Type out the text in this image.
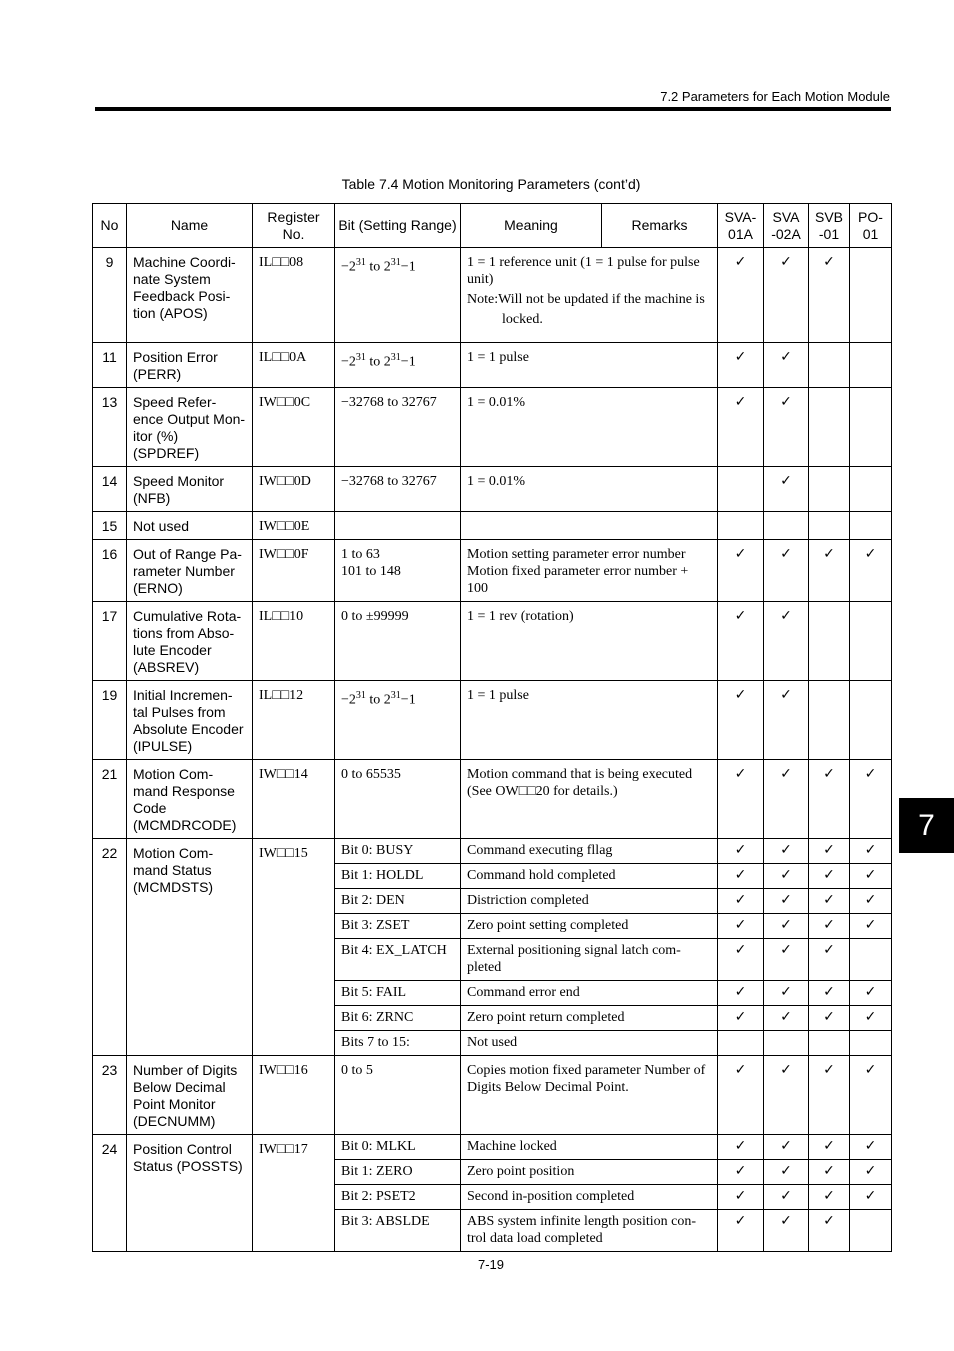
7.2 Parameters for Each Motion Module
Table 7.4 Motion Monitoring Parameters (cont’d)
No	Name	Register No.	Bit (Setting Range)	Meaning	Remarks	SVA-01A	SVA -02A	SVB -01	PO-01
9	Machine Coordi-nate System Feedback Posi-tion (APOS)	IL□□08	$-2^{31}$ to $2^{31}-1$	1 = 1 reference unit (1 = 1 pulse for pulse unit)

Note:Will not be updated if the machine is
locked.		✓	✓	✓	
11	Position Error (PERR)	IL□□0A	$-2^{31}$ to $2^{31}-1$	1 = 1 pulse		✓	✓		
13	Speed Refer-ence Output Mon-itor (%) (SPDREF)	IW□□0C	−32768 to 32767	1 = 0.01%		✓	✓		
14	Speed Monitor (NFB)	IW□□0D	−32768 to 32767	1 = 0.01%			✓		
15	Not used	IW□□0E							
16	Out of Range Pa-rameter Number (ERNO)	IW□□0F	1 to 63
101 to 148	Motion setting parameter error number
Motion fixed parameter error number + 100		✓	✓	✓	✓
17	Cumulative Rota-tions from Abso-lute Encoder (ABSREV)	IL□□10	0 to ±99999	1 = 1 rev (rotation)		✓	✓		
19	Initial Incremen-tal Pulses from Absolute Encoder (IPULSE)	IL□□12	$-2^{31}$ to $2^{31}-1$	1 = 1 pulse		✓	✓		
21	Motion Com-mand Response Code (MCMDRCODE)	IW□□14	0 to 65535	Motion command that is being executed
(See OW□□20 for details.)		✓	✓	✓	✓
22	Motion Com-mand Status (MCMDSTS)	IW□□15	Bit 0: BUSY	Command executing fllag		✓	✓	✓	✓
			Bit 1: HOLDL	Command hold completed		✓	✓	✓	✓
			Bit 2: DEN	Distriction completed		✓	✓	✓	✓
			Bit 3: ZSET	Zero point setting completed		✓	✓	✓	✓
			Bit 4: EX_LATCH	External positioning signal latch com-pleted		✓	✓	✓	
			Bit 5: FAIL	Command error end		✓	✓	✓	✓
			Bit 6: ZRNC	Zero point return completed		✓	✓	✓	✓
			Bits 7 to 15:	Not used					
23	Number of Digits Below Decimal Point Monitor (DECNUMM)	IW□□16	0 to 5	Copies motion fixed parameter Number of Digits Below Decimal Point.		✓	✓	✓	✓
24	Position Control Status (POSSTS)	IW□□17	Bit 0: MLKL	Machine locked		✓	✓	✓	✓
			Bit 1: ZERO	Zero point position		✓	✓	✓	✓
			Bit 2: PSET2	Second in-position completed		✓	✓	✓	✓
			Bit 3: ABSLDE	ABS system infinite length position con-trol data load completed		✓	✓	✓	
7
7-19
